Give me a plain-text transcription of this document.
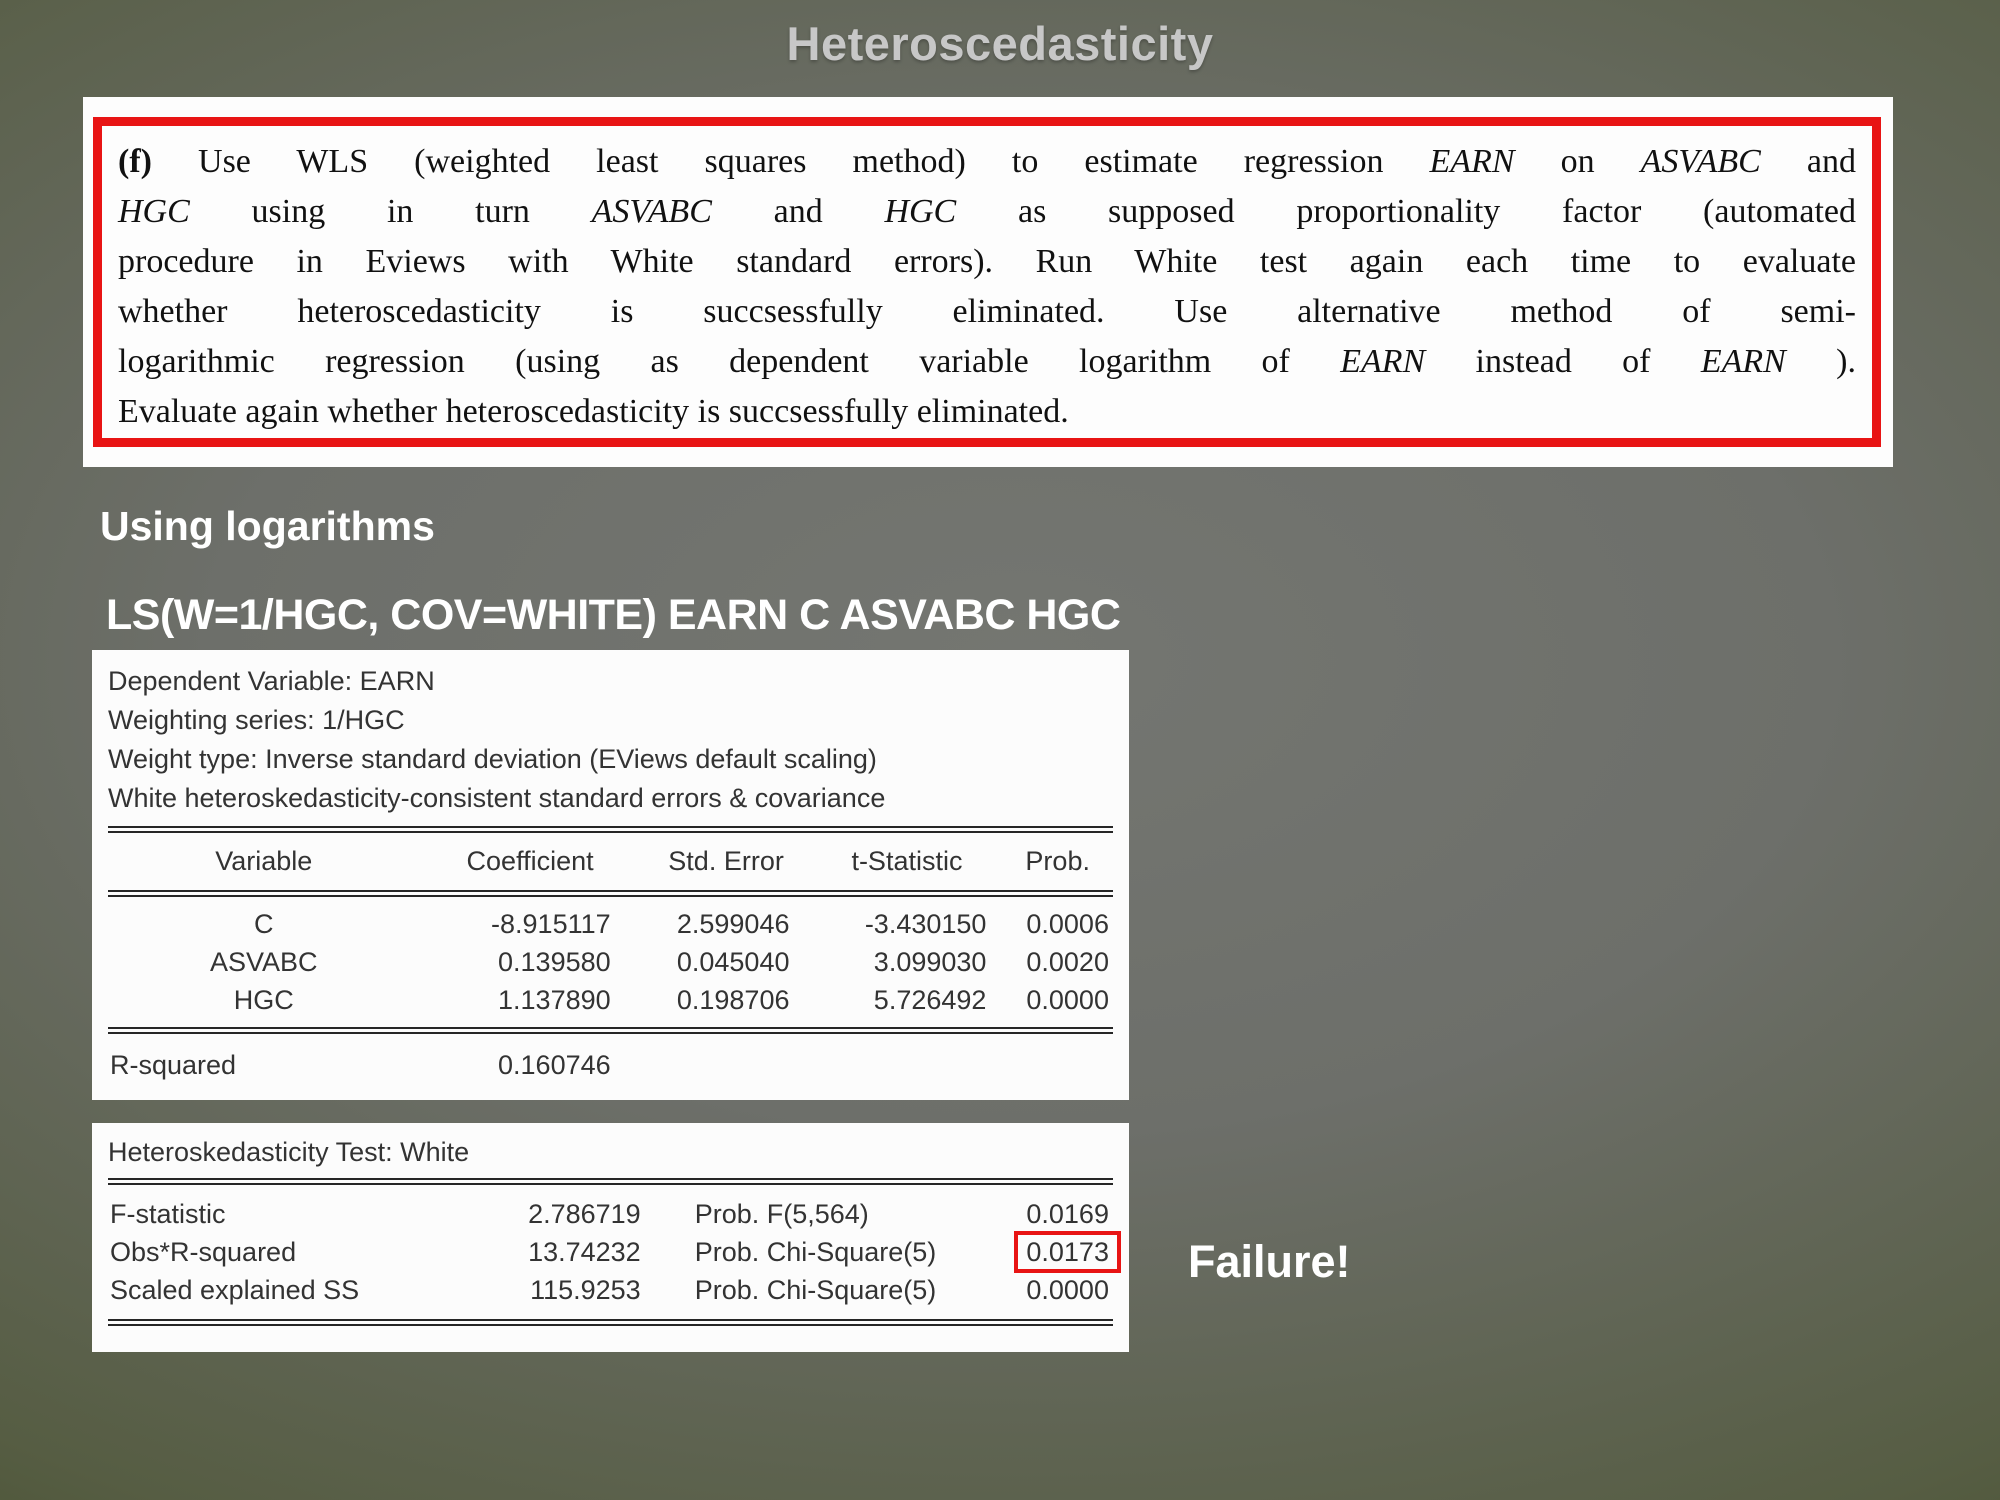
Heteroscedasticity
(f) Use WLS (weighted least squares method) to estimate regression EARN on ASVABC and
HGC using in turn ASVABC and HGC as supposed proportionality factor (automated
procedure in Eviews with White standard errors). Run White test again each time to evaluate
whether heteroscedasticity is succsessfully eliminated. Use alternative method of semi-
logarithmic regression (using as dependent variable logarithm of EARN instead of EARN ).
Evaluate again whether heteroscedasticity is succsessfully eliminated.
Using logarithms
LS(W=1/HGC, COV=WHITE) EARN C ASVABC HGC
Dependent Variable: EARN
Weighting series: 1/HGC
Weight type: Inverse standard deviation (EViews default scaling)
White heteroskedasticity-consistent standard errors & covariance
Variable	Coefficient	Std. Error	t-Statistic	Prob.
C	-8.915117	2.599046	-3.430150	0.0006
ASVABC	0.139580	0.045040	3.099030	0.0020
HGC	1.137890	0.198706	5.726492	0.0000
R-squared	0.160746
Heteroskedasticity Test: White
F-statistic	2.786719	Prob. F(5,564)	0.0169
Obs*R-squared	13.74232	Prob. Chi-Square(5)	0.0173
Scaled explained SS	115.9253	Prob. Chi-Square(5)	0.0000
Failure!
